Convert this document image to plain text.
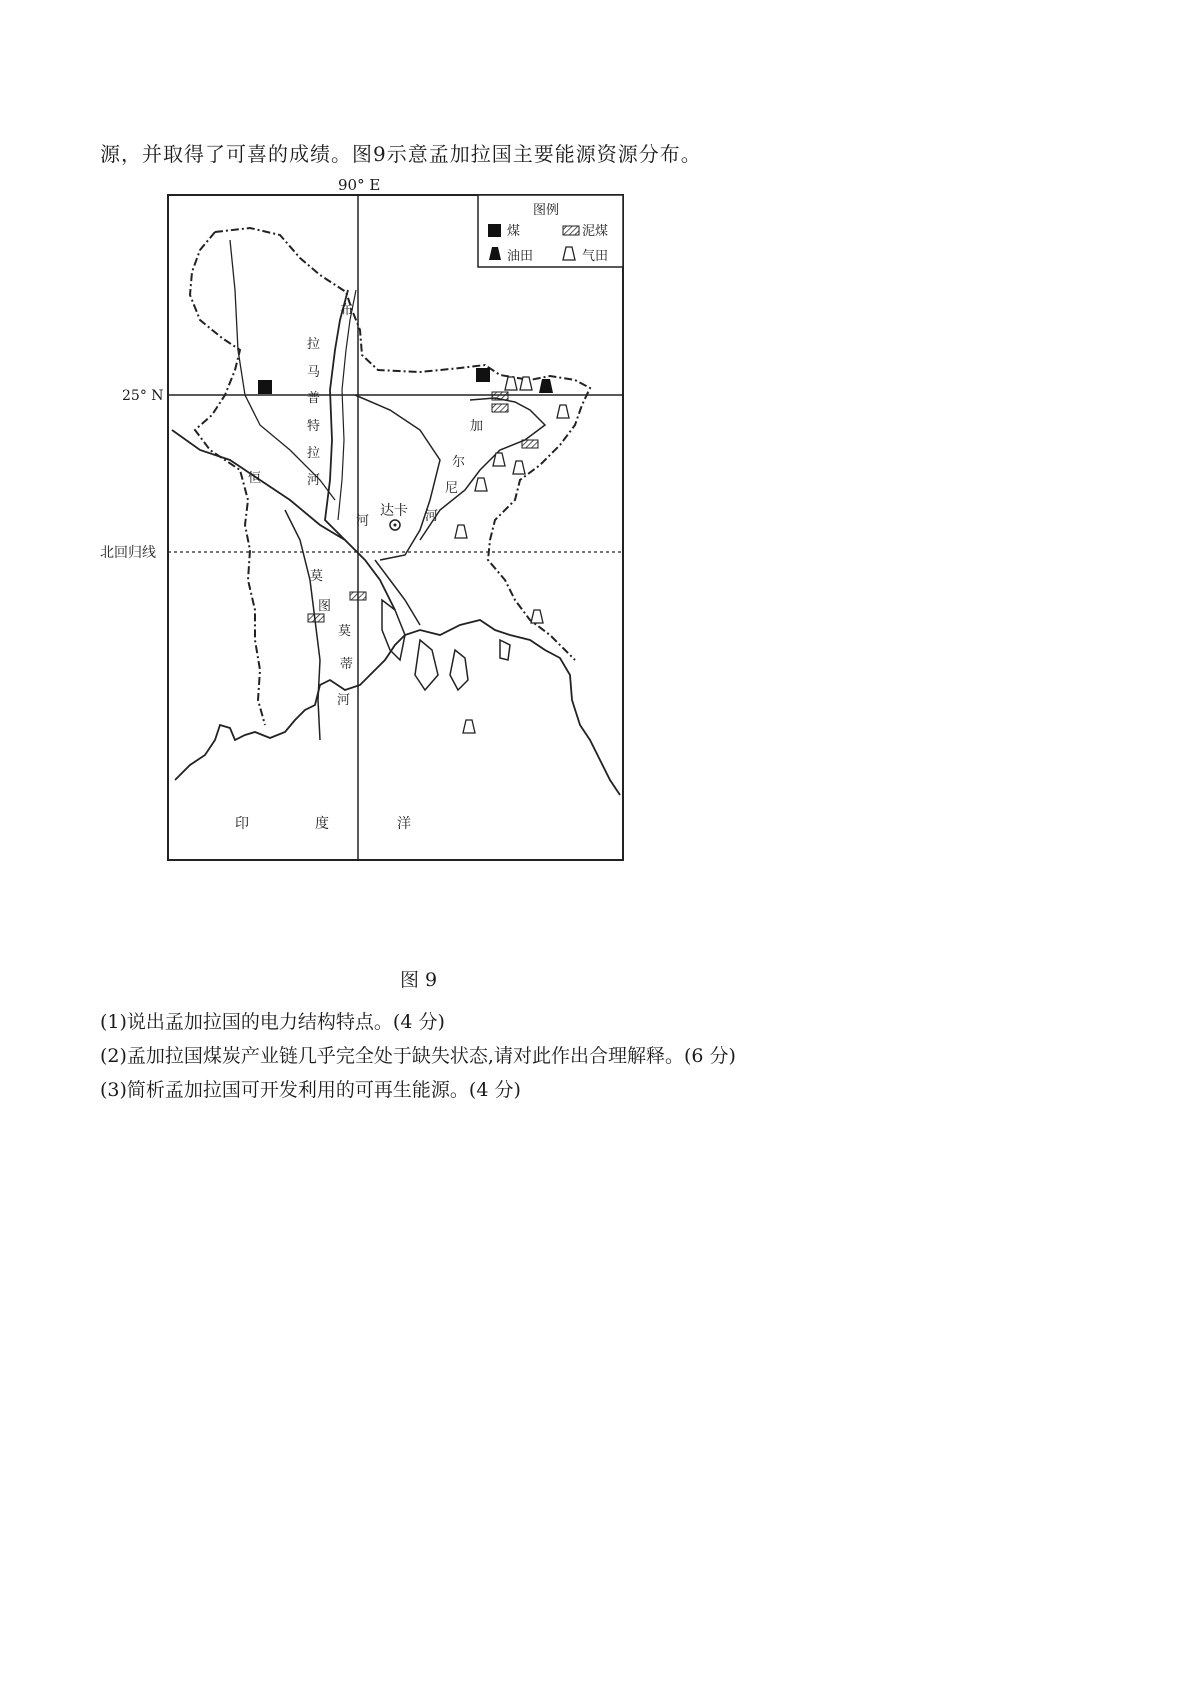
源，并取得了可喜的成绩。图9示意孟加拉国主要能源资源分布。
90° E
25° N
北回归线
达卡
布 拉 马 普 特 拉 河
恒
河
莫 图 莫 蒂 河
加 尔 尼 河
印	度	洋
图例
煤	泥煤
油田	气田
图 9
(1)说出孟加拉国的电力结构特点。(4 分)
(2)孟加拉国煤炭产业链几乎完全处于缺失状态,请对此作出合理解释。(6 分)
(3)简析孟加拉国可开发利用的可再生能源。(4 分)
